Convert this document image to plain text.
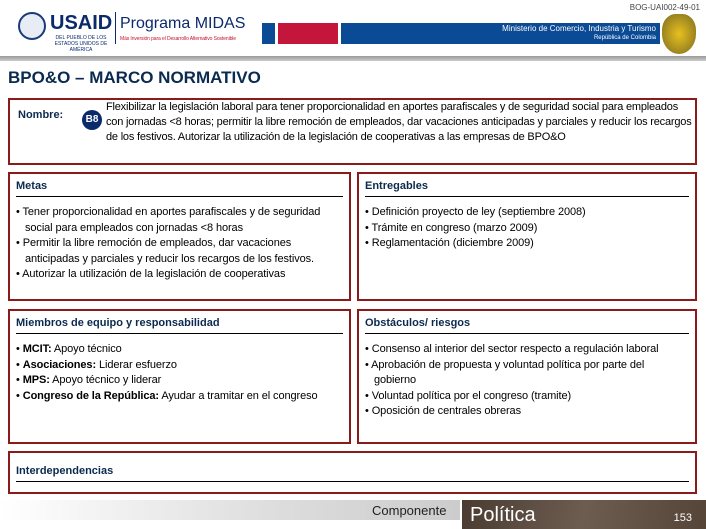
BOG-UAI002-49-01
USAID
DEL PUEBLO DE LOS ESTADOS UNIDOS DE AMÉRICA
Programa MIDAS
Más Inversión para el Desarrollo Alternativo Sostenible
Ministerio de Comercio, Industria y Turismo
República de Colombia
BPO&O – MARCO NORMATIVO
Nombre:	B8
Flexibilizar la legislación laboral para tener proporcionalidad en aportes parafiscales y de seguridad social para empleados con jornadas <8 horas; permitir la libre remoción de empleados, dar vacaciones anticipadas y parciales y reducir los recargos de los festivos. Autorizar la utilización de la legislación de cooperativas a las empresas de BPO&O
Metas
• Tener proporcionalidad en aportes parafiscales y de seguridad social para empleados con jornadas <8 horas
• Permitir la libre remoción de empleados, dar vacaciones anticipadas y parciales y reducir los recargos de los festivos.
• Autorizar la utilización de la legislación de cooperativas
Entregables
• Definición proyecto de ley (septiembre 2008)
• Trámite en congreso (marzo 2009)
• Reglamentación (diciembre 2009)
Miembros de equipo y responsabilidad
• MCIT: Apoyo técnico
• Asociaciones: Liderar esfuerzo
• MPS: Apoyo técnico y liderar
• Congreso de la República: Ayudar a tramitar en el congreso
Obstáculos/ riesgos
• Consenso al interior del sector respecto a regulación laboral
• Aprobación de propuesta y voluntad política por parte del gobierno
• Voluntad política por el congreso (tramite)
• Oposición de centrales obreras
Interdependencias
Componente Política	153
